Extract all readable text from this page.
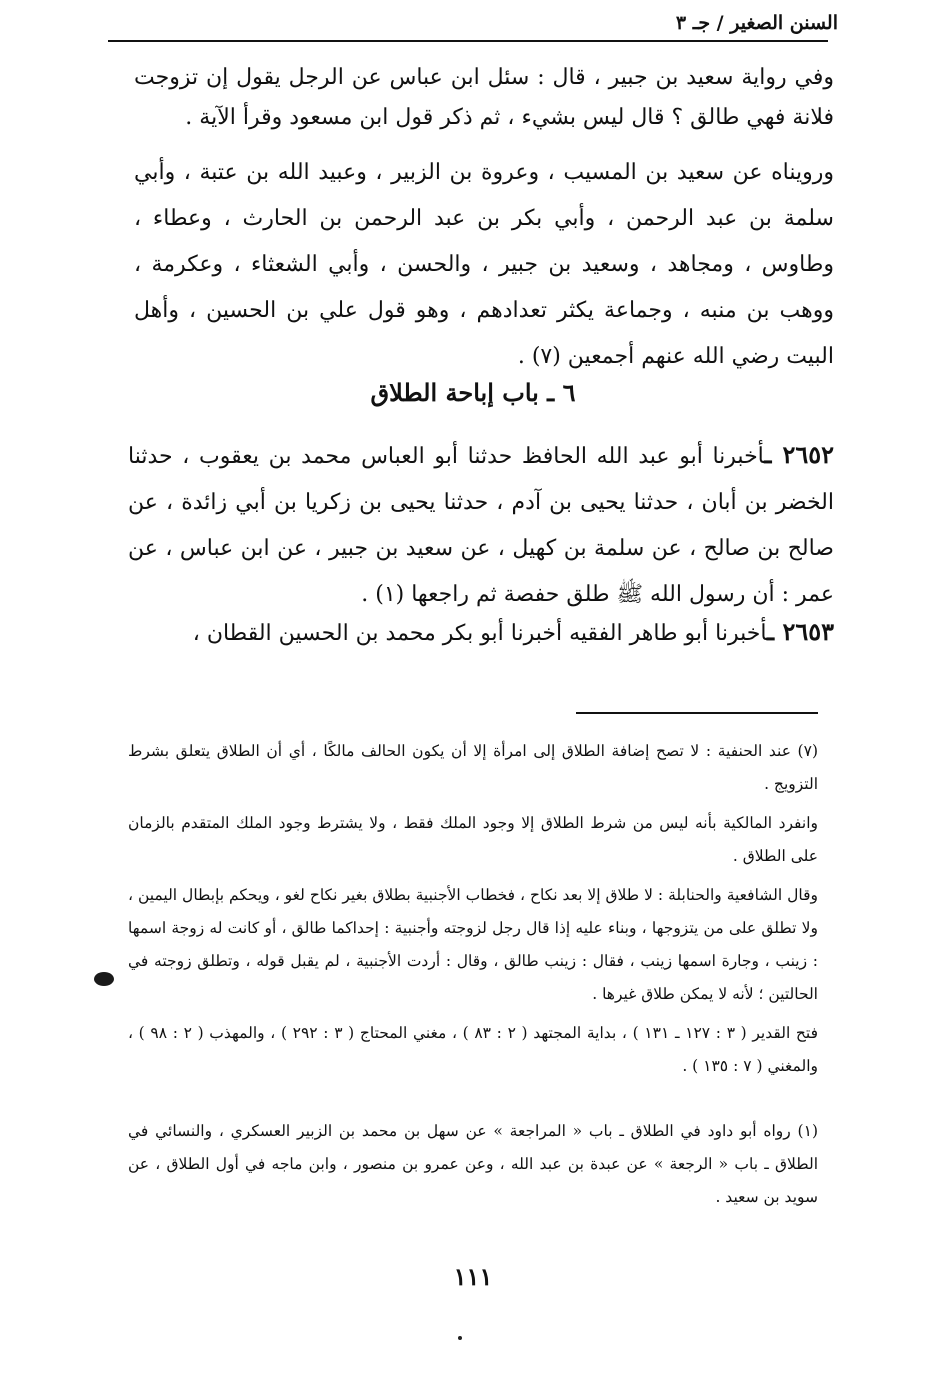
السنن الصغير / جـ ٣
وفي رواية سعيد بن جبير ، قال : سئل ابن عباس عن الرجل يقول إن تزوجت فلانة فهي طالق ؟ قال ليس بشيء ، ثم ذكر قول ابن مسعود وقرأ الآية .
ورويناه عن سعيد بن المسيب ، وعروة بن الزبير ، وعبيد الله بن عتبة ، وأبي سلمة بن عبد الرحمن ، وأبي بكر بن عبد الرحمن بن الحارث ، وعطاء ، وطاوس ، ومجاهد ، وسعيد بن جبير ، والحسن ، وأبي الشعثاء ، وعكرمة ، ووهب بن منبه ، وجماعة يكثر تعدادهم ، وهو قول علي بن الحسين ، وأهل البيت رضي الله عنهم أجمعين (٧) .
٦ ـ باب إباحة الطلاق
٢٦٥٢ ـأخبرنا أبو عبد الله الحافظ حدثنا أبو العباس محمد بن يعقوب ، حدثنا الخضر بن أبان ، حدثنا يحيى بن آدم ، حدثنا يحيى بن زكريا بن أبي زائدة ، عن صالح بن صالح ، عن سلمة بن كهيل ، عن سعيد بن جبير ، عن ابن عباس ، عن عمر : أن رسول الله ﷺ طلق حفصة ثم راجعها (١) .
٢٦٥٣ ـأخبرنا أبو طاهر الفقيه أخبرنا أبو بكر محمد بن الحسين القطان ،

(٧) عند الحنفية : لا تصح إضافة الطلاق إلى امرأة إلا أن يكون الحالف مالكًا ، أي أن الطلاق يتعلق بشرط التزويج .

وانفرد المالكية بأنه ليس من شرط الطلاق إلا وجود الملك فقط ، ولا يشترط وجود الملك المتقدم بالزمان على الطلاق .

وقال الشافعية والحنابلة : لا طلاق إلا بعد نكاح ، فخطاب الأجنبية بطلاق بغير نكاح لغو ، ويحكم بإبطال اليمين ، ولا تطلق على من يتزوجها ، وبناء عليه إذا قال رجل لزوجته وأجنبية : إحداكما طالق ، أو كانت له زوجة اسمها : زينب ، وجارة اسمها زينب ، فقال : زينب طالق ، وقال : أردت الأجنبية ، لم يقبل قوله ، وتطلق زوجته في الحالتين ؛ لأنه لا يمكن طلاق غيرها .

فتح القدير ( ٣ : ١٢٧ ـ ١٣١ ) ، بداية المجتهد ( ٢ : ٨٣ ) ، مغني المحتاج ( ٣ : ٢٩٢ ) ، والمهذب ( ٢ : ٩٨ ) ، والمغني ( ٧ : ١٣٥ ) .

(١) رواه أبو داود في الطلاق ـ باب « المراجعة » عن سهل بن محمد بن الزبير العسكري ، والنسائي في الطلاق ـ باب « الرجعة » عن عبدة بن عبد الله ، وعن عمرو بن منصور ، وابن ماجه في أول الطلاق ، عن سويد بن سعيد .

١١١
